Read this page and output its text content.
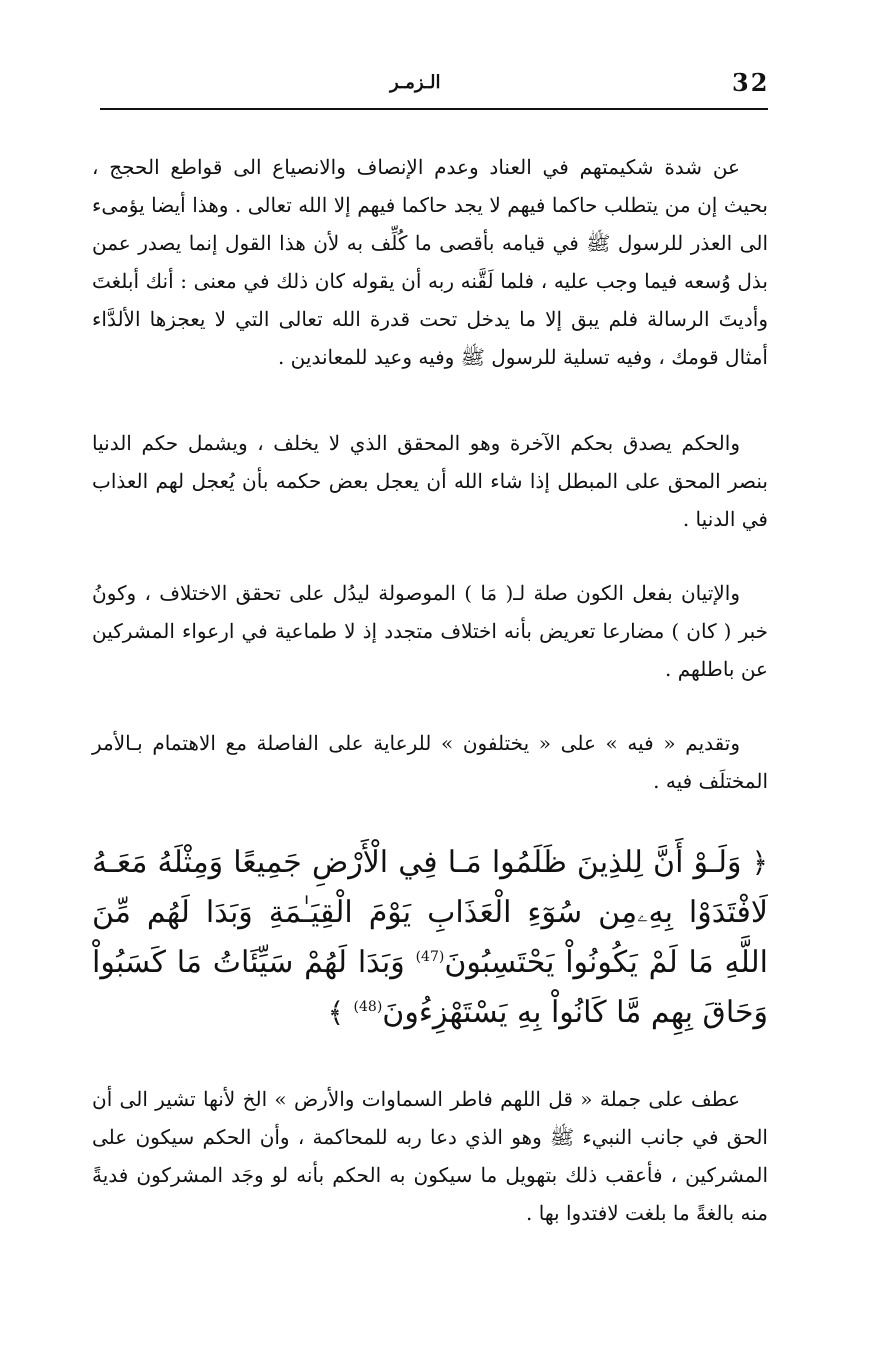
32
الـزمـر

عن شدة شكيمتهم في العناد وعدم الإنصاف والانصياع الى قواطع الحجج ، بحيث إن من يتطلب حاكما فيهم لا يجد حاكما فيهم إلا الله تعالى . وهذا أيضا يؤمىء الى العذر للرسول ﷺ في قيامه بأقصى ما كُلِّف به لأن هذا القول إنما يصدر عمن بذل وُسعه فيما وجب عليه ، فلما لَقَّنه ربه أن يقوله كان ذلك في معنى : أنك أبلغتَ وأديتَ الرسالة فلم يبق إلا ما يدخل تحت قدرة الله تعالى التي لا يعجزها الألدَّاء أمثال قومك ، وفيه تسلية للرسول ﷺ وفيه وعيد للمعاندين .

والحكم يصدق بحكم الآخرة وهو المحقق الذي لا يخلف ، ويشمل حكم الدنيا بنصر المحق على المبطل إذا شاء الله أن يعجل بعض حكمه بأن يُعجل لهم العذاب في الدنيا .

والإتيان بفعل الكون صلة لـ( مَا ) الموصولة ليدُل على تحقق الاختلاف ، وكونُ خبر ( كان ) مضارعا تعريض بأنه اختلاف متجدد إذ لا طماعية في ارعواء المشركين عن باطلهم .

وتقديم « فيه » على « يختلفون » للرعاية على الفاصلة مع الاهتمام بـالأمر المختلَف فيه .

﴿ وَلَـوْ أَنَّ لِلذِينَ ظَلَمُوا مَـا فِي الْأَرْضِ جَمِيعًا وَمِثْلَهُ مَعَـهُ لَافْتَدَوْا بِهِۦمِن سُوٓءِ الْعَذَابِ يَوْمَ الْقِيَـٰمَةِ وَبَدَا لَهُم مِّنَ اللَّهِ مَا لَمْ يَكُونُواْ يَحْتَسِبُونَ$^{(47)}$ وَبَدَا لَهُمْ سَيِّئَاتُ مَا كَسَبُواْ وَحَاقَ بِهِم مَّا كَانُواْ بِهِ يَسْتَهْزِءُونَ$^{(48)}$ ﴾

عطف على جملة « قل اللهم فاطر السماوات والأرض » الخ لأنها تشير الى أن الحق في جانب النبيء ﷺ وهو الذي دعا ربه للمحاكمة ، وأن الحكم سيكون على المشركين ، فأعقب ذلك بتهويل ما سيكون به الحكم بأنه لو وجَد المشركون فديةً منه بالغةً ما بلغت لافتدوا بها .
